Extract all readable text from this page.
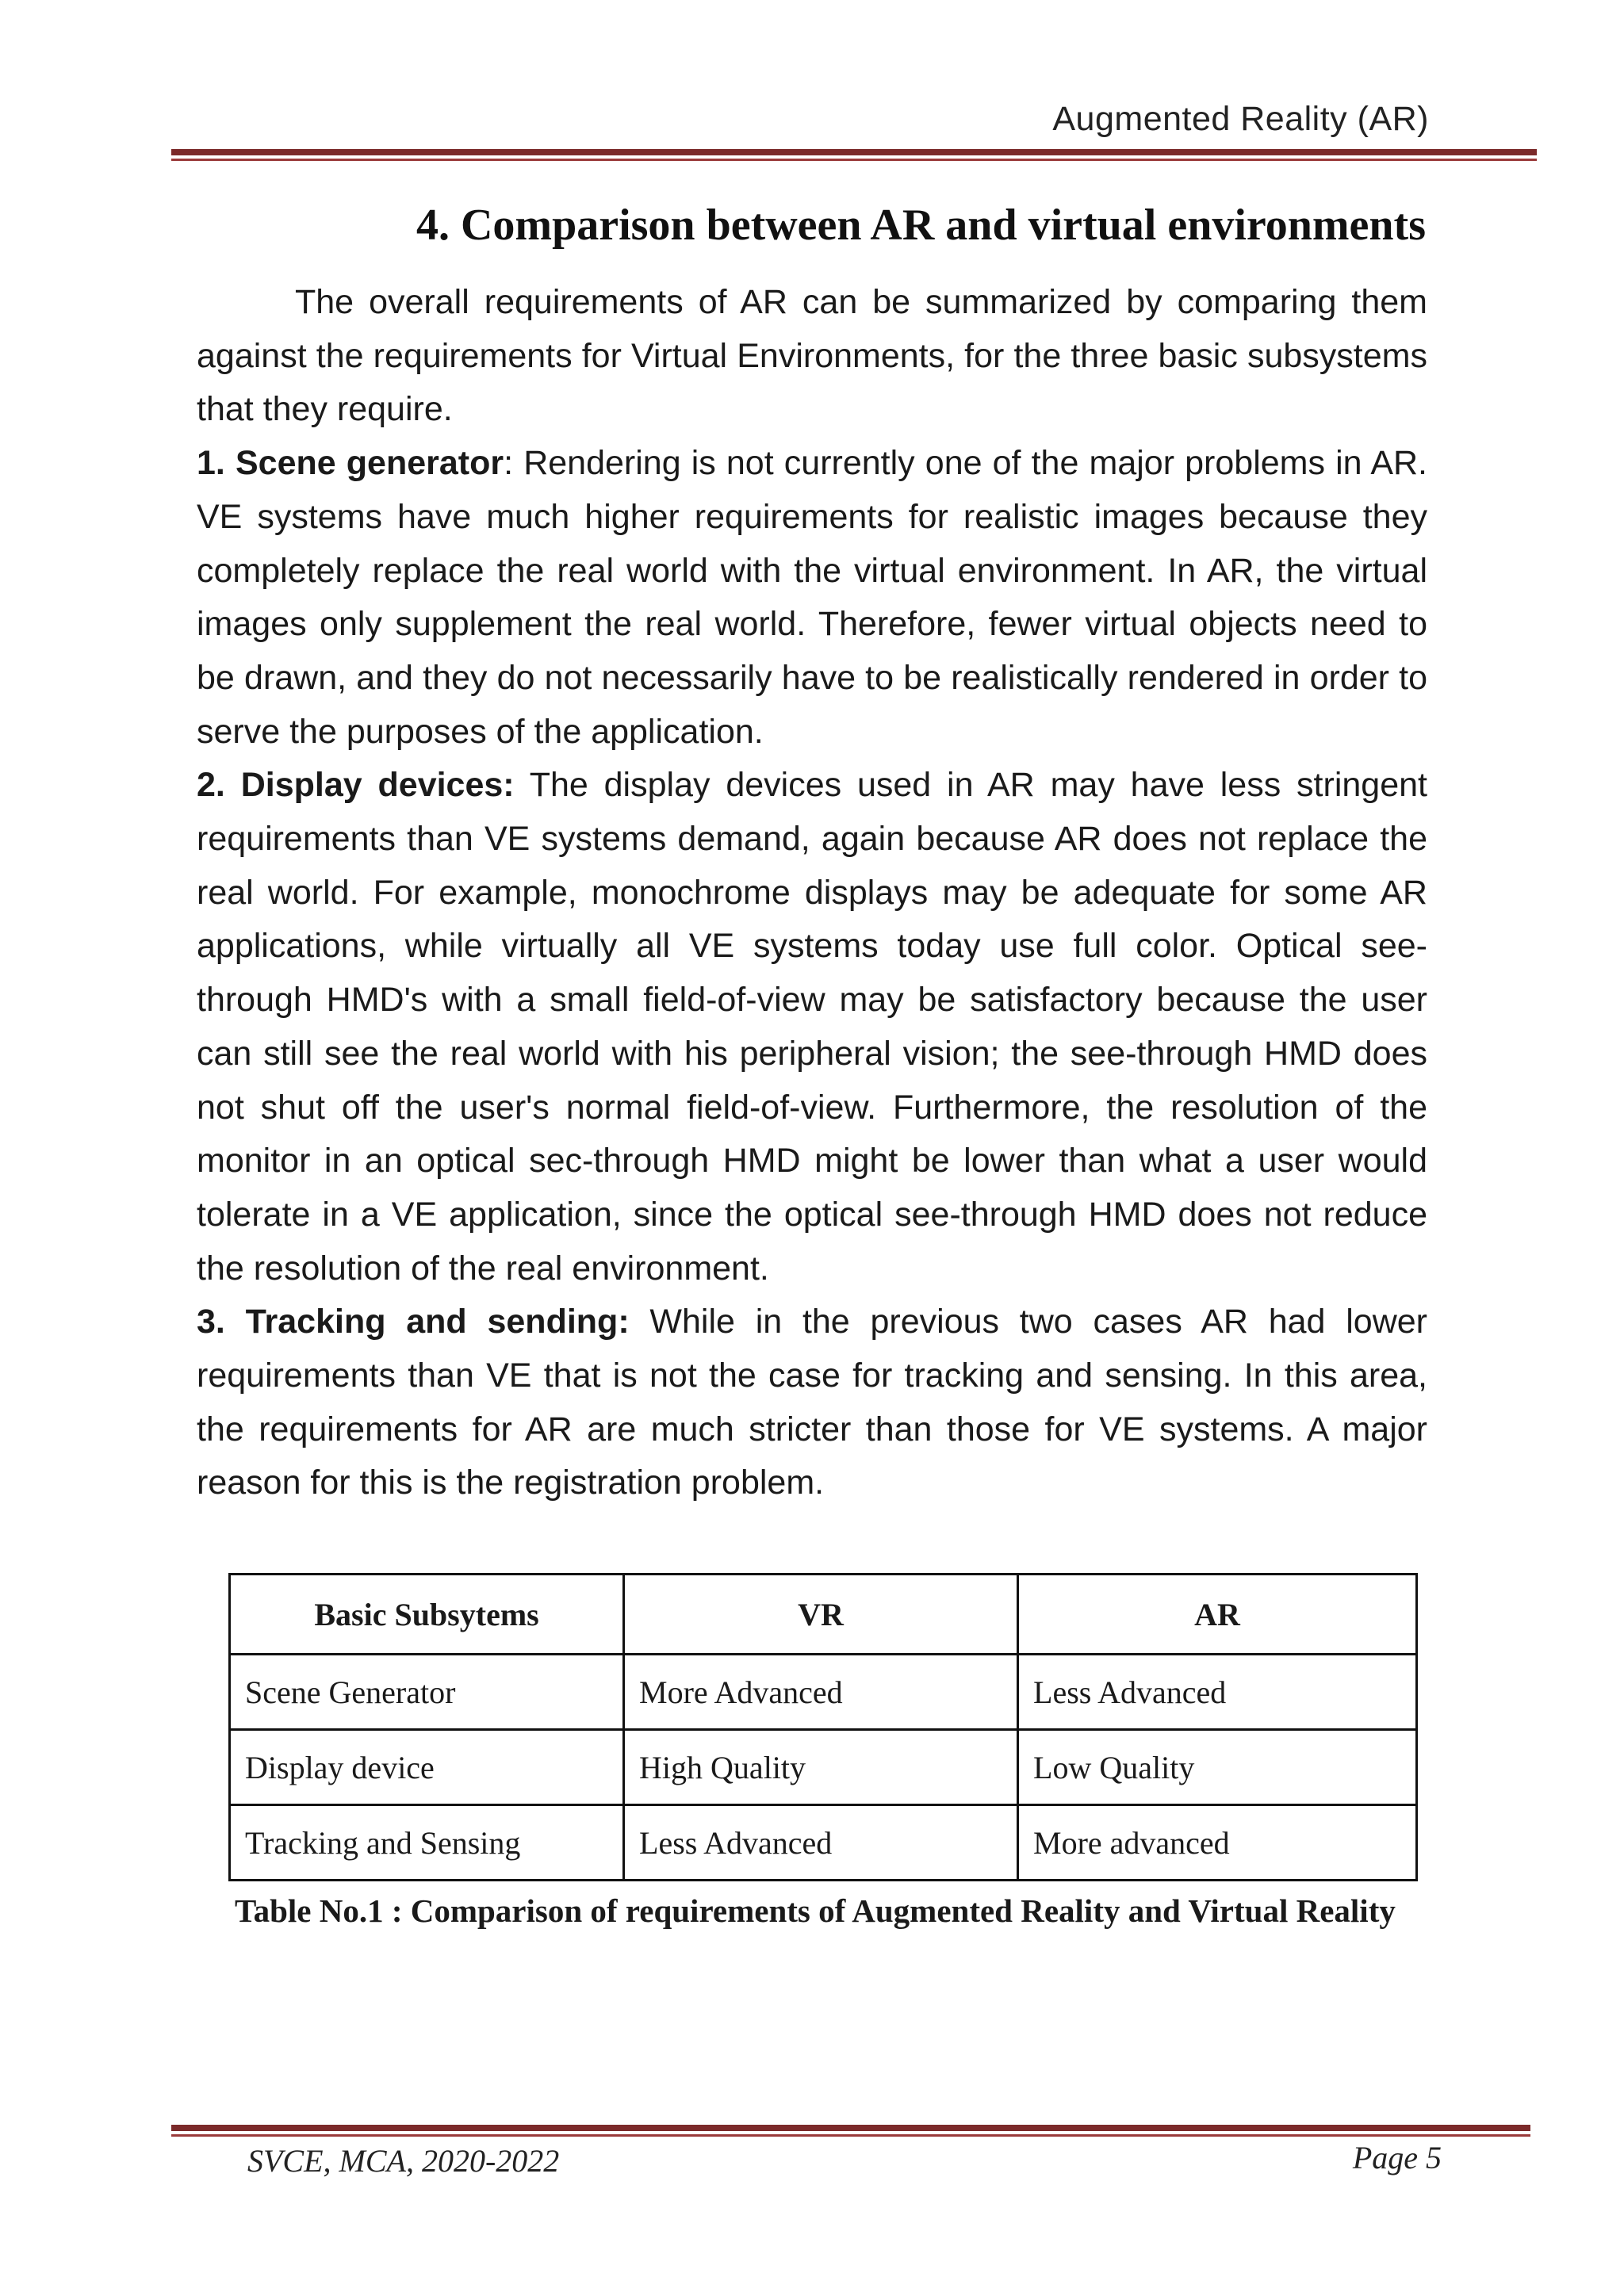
Augmented Reality (AR)
4. Comparison between AR and virtual environments

The overall requirements of AR can be summarized by comparing them against the requirements for Virtual Environments, for the three basic subsystems that they require.

1. Scene generator: Rendering is not currently one of the major problems in AR. VE systems have much higher requirements for realistic images because they completely replace the real world with the virtual environment. In AR, the virtual images only supplement the real world. Therefore, fewer virtual objects need to be drawn, and they do not necessarily have to be realistically rendered in order to serve the purposes of the application.

2. Display devices: The display devices used in AR may have less stringent requirements than VE systems demand, again because AR does not replace the real world. For example, monochrome displays may be adequate for some AR applications, while virtually all VE systems today use full color. Optical see-through HMD's with a small field-of-view may be satisfactory because the user can still see the real world with his peripheral vision; the see-through HMD does not shut off the user's normal field-of-view. Furthermore, the resolution of the monitor in an optical sec-through HMD might be lower than what a user would tolerate in a VE application, since the optical see-through HMD does not reduce the resolution of the real environment.

3. Tracking and sending: While in the previous two cases AR had lower requirements than VE that is not the case for tracking and sensing. In this area, the requirements for AR are much stricter than those for VE systems. A major reason for this is the registration problem.

Basic Subsytems	VR	AR
Scene Generator	More Advanced	Less Advanced
Display device	High Quality	Low Quality
Tracking and Sensing	Less Advanced	More advanced
Table No.1 : Comparison of requirements of Augmented Reality and Virtual Reality
SVCE, MCA, 2020-2022	Page 5
